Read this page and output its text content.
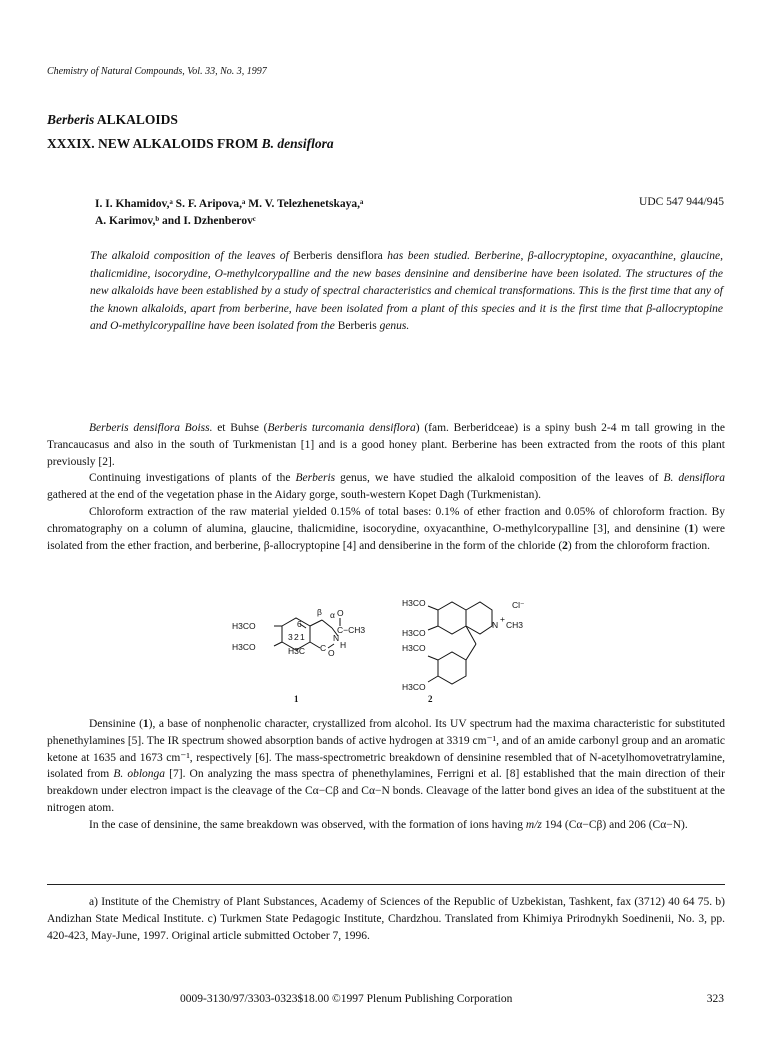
Chemistry of Natural Compounds, Vol. 33, No. 3, 1997
Berberis ALKALOIDS
XXXIX. NEW ALKALOIDS FROM B. densiflora
I. I. Khamidov,ᵃ S. F. Aripova,ᵃ M. V. Telezhenetskaya,ᵃ
A. Karimov,ᵇ and I. Dzhenberovᶜ
UDC 547 944/945
The alkaloid composition of the leaves of Berberis densiflora has been studied. Berberine, β-allocryptopine, oxyacanthine, glaucine, thalicmidine, isocorydine, O-methylcorypalline and the new bases densinine and densiberine have been isolated. The structures of the new alkaloids have been established by a study of spectral characteristics and chemical transformations. This is the first time that any of the known alkaloids, apart from berberine, have been isolated from a plant of this species and it is the first time that β-allocryptopine and O-methylcorypalline have been isolated from the Berberis genus.

Berberis densiflora Boiss. et Buhse (Berberis turcomania densiflora) (fam. Berberidceae) is a spiny bush 2-4 m tall growing in the Trancaucasus and also in the south of Turkmenistan [1] and is a good honey plant. Berberine has been extracted from the roots of this plant previously [2].

Continuing investigations of plants of the Berberis genus, we have studied the alkaloid composition of the leaves of B. densiflora gathered at the end of the vegetation phase in the Aidary gorge, south-western Kopet Dagh (Turkmenistan).

Chloroform extraction of the raw material yielded 0.15% of total bases: 0.1% of ether fraction and 0.05% of chloroform fraction. By chromatography on a column of alumina, glaucine, thalicmidine, isocorydine, oxyacanthine, O-methylcorypalline [3], and densinine (1) were isolated from the ether fraction, and berberine, β-allocryptopine [4] and densiberine in the form of the chloride (2) from the chloroform fraction.

H3CO
H3CO	H3C
β α O
C−CH3
N
H
C O
3 2 1
6
1
H3CO
H3CO
H3CO
H3CO
Cl⁻
N
+
CH3
2

Densinine (1), a base of nonphenolic character, crystallized from alcohol. Its UV spectrum had the maxima characteristic for substituted phenethylamines [5]. The IR spectrum showed absorption bands of active hydrogen at 3319 cm⁻¹, and of an amide carbonyl group and an aromatic ketone at 1635 and 1673 cm⁻¹, respectively [6]. The mass-spectrometric breakdown of densinine resembled that of N-acetylhomovetratrylamine, isolated from B. oblonga [7]. On analyzing the mass spectra of phenethylamines, Ferrigni et al. [8] established that the main direction of their breakdown under electron impact is the cleavage of the Cα−Cβ and Cα−N bonds. Cleavage of the latter bond gives an idea of the substituent at the nitrogen atom.

In the case of densinine, the same breakdown was observed, with the formation of ions having m/z 194 (Cα−Cβ) and 206 (Cα−N).

a) Institute of the Chemistry of Plant Substances, Academy of Sciences of the Republic of Uzbekistan, Tashkent, fax (3712) 40 64 75. b) Andizhan State Medical Institute. c) Turkmen State Pedagogic Institute, Chardzhou. Translated from Khimiya Prirodnykh Soedinenii, No. 3, pp. 420-423, May-June, 1997. Original article submitted October 7, 1996.
0009-3130/97/3303-0323$18.00 ©1997 Plenum Publishing Corporation	323
